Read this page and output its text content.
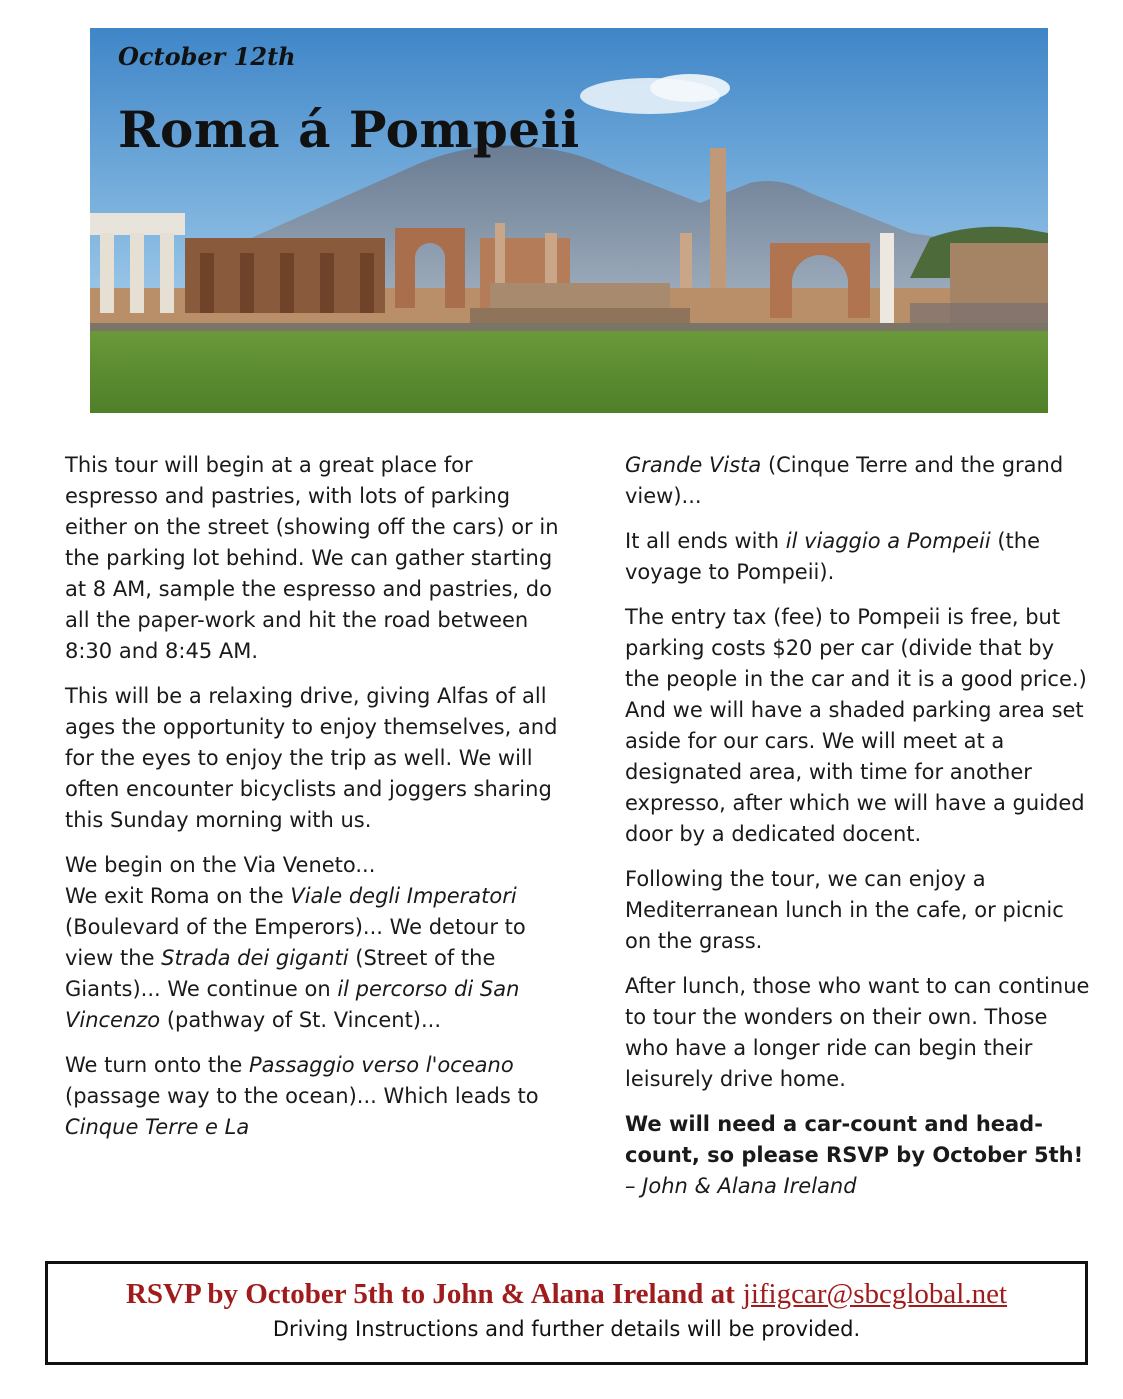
October 12th
Roma á Pompeii

This tour will begin at a great place for espresso and pastries, with lots of parking either on the street (showing off the cars) or in the parking lot behind. We can gather starting at 8 AM, sample the espresso and pastries, do all the paper-work and hit the road between 8:30 and 8:45 AM.

This will be a relaxing drive, giving Alfas of all ages the opportunity to enjoy themselves, and for the eyes to enjoy the trip as well. We will often encounter bicyclists and joggers sharing this Sunday morning with us.

We begin on the Via Veneto...
We exit Roma on the Viale degli Imperatori (Boulevard of the Emperors)... We detour to view the Strada dei giganti (Street of the Giants)... We continue on il percorso di San Vincenzo (pathway of St. Vincent)...

We turn onto the Passaggio verso l'oceano (passage way to the ocean)... Which leads to Cinque Terre e La

Grande Vista (Cinque Terre and the grand view)...

It all ends with il viaggio a Pompeii (the voyage to Pompeii).

The entry tax (fee) to Pompeii is free, but parking costs $20 per car (divide that by the people in the car and it is a good price.) And we will have a shaded parking area set aside for our cars. We will meet at a designated area, with time for another expresso, after which we will have a guided door by a dedicated docent.

Following the tour, we can enjoy a Mediterranean lunch in the cafe, or picnic on the grass.

After lunch, those who want to can continue to tour the wonders on their own. Those who have a longer ride can begin their leisurely drive home.

We will need a car-count and head-count, so please RSVP by October 5th!
– John & Alana Ireland

RSVP by October 5th to John & Alana Ireland at jifigcar@sbcglobal.net
Driving Instructions and further details will be provided.
